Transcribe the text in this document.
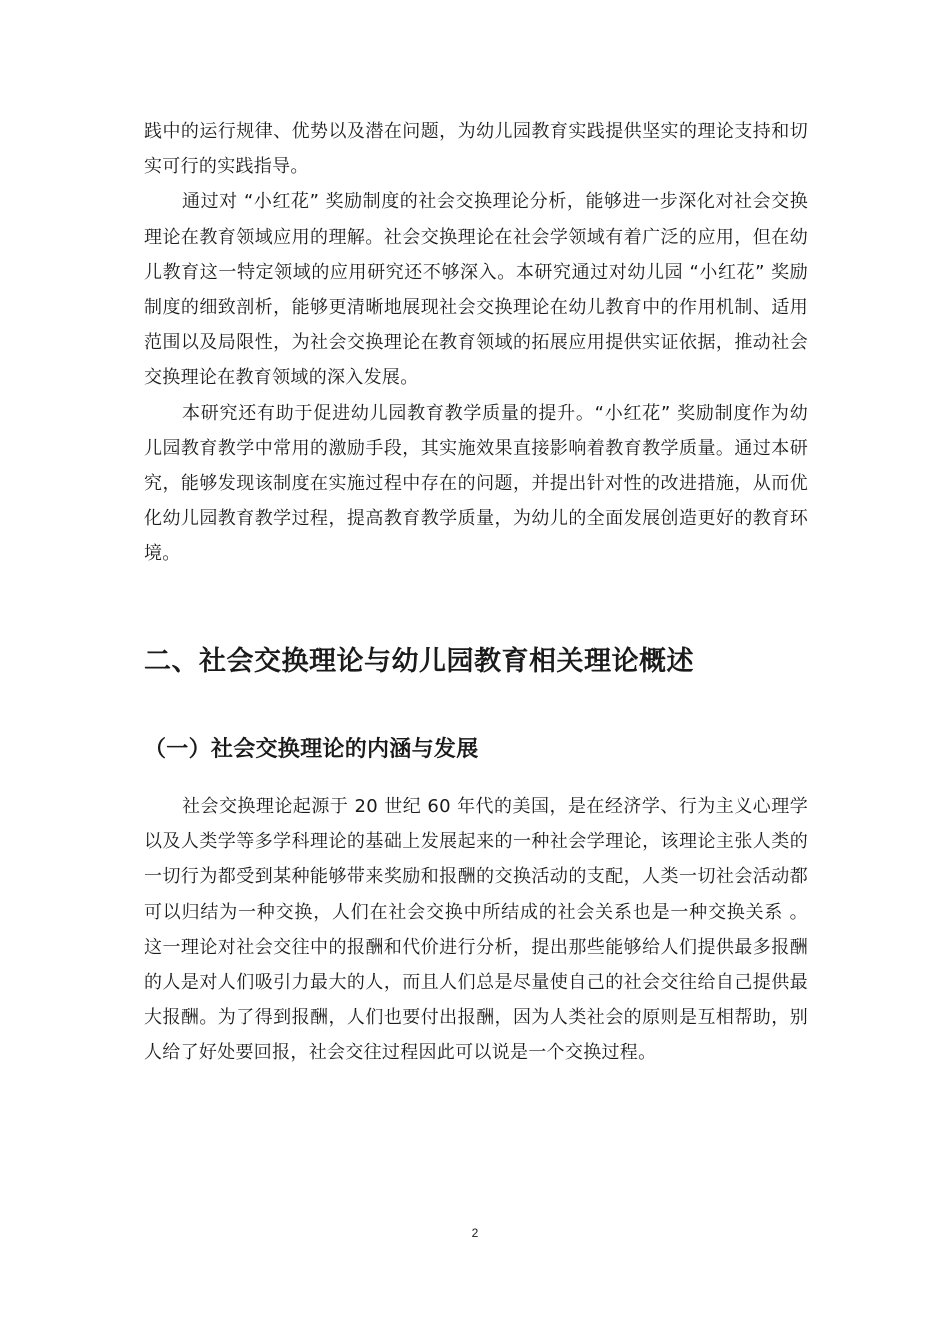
践中的运行规律、优势以及潜在问题，为幼儿园教育实践提供坚实的理论支持和切实可行的实践指导。

通过对 “小红花” 奖励制度的社会交换理论分析，能够进一步深化对社会交换理论在教育领域应用的理解。社会交换理论在社会学领域有着广泛的应用，但在幼儿教育这一特定领域的应用研究还不够深入。本研究通过对幼儿园 “小红花” 奖励制度的细致剖析，能够更清晰地展现社会交换理论在幼儿教育中的作用机制、适用范围以及局限性，为社会交换理论在教育领域的拓展应用提供实证依据，推动社会交换理论在教育领域的深入发展。

本研究还有助于促进幼儿园教育教学质量的提升。“小红花” 奖励制度作为幼儿园教育教学中常用的激励手段，其实施效果直接影响着教育教学质量。通过本研究，能够发现该制度在实施过程中存在的问题，并提出针对性的改进措施，从而优化幼儿园教育教学过程，提高教育教学质量，为幼儿的全面发展创造更好的教育环境。

二、社会交换理论与幼儿园教育相关理论概述
（一）社会交换理论的内涵与发展

社会交换理论起源于 20 世纪 60 年代的美国，是在经济学、行为主义心理学以及人类学等多学科理论的基础上发展起来的一种社会学理论，该理论主张人类的一切行为都受到某种能够带来奖励和报酬的交换活动的支配，人类一切社会活动都可以归结为一种交换，人们在社会交换中所结成的社会关系也是一种交换关系 。这一理论对社会交往中的报酬和代价进行分析，提出那些能够给人们提供最多报酬的人是对人们吸引力最大的人，而且人们总是尽量使自己的社会交往给自己提供最大报酬。为了得到报酬，人们也要付出报酬，因为人类社会的原则是互相帮助，别人给了好处要回报，社会交往过程因此可以说是一个交换过程。

2
